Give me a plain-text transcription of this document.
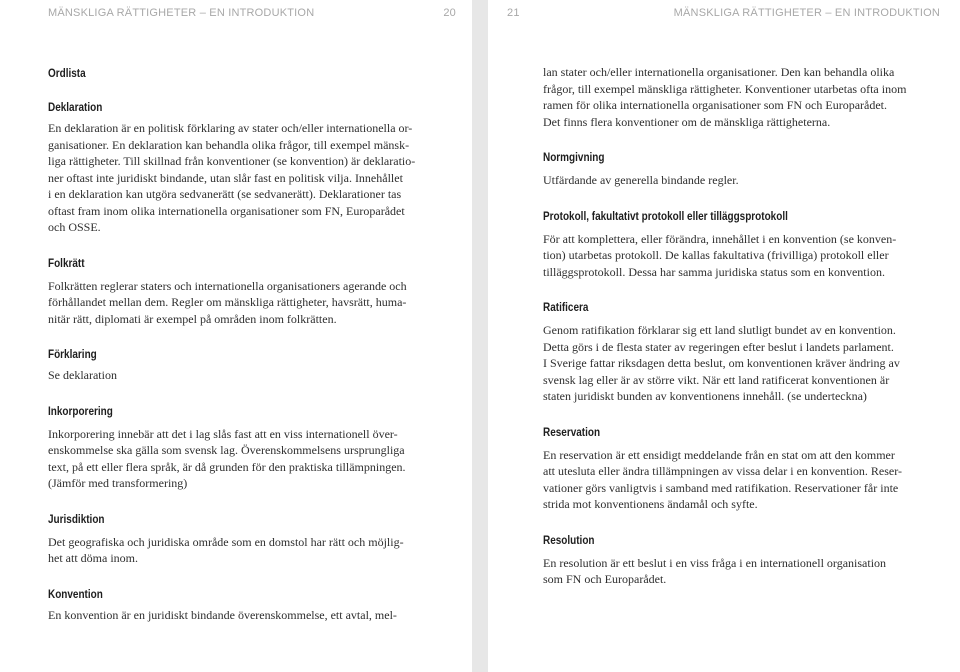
MÄNSKLIGA RÄTTIGHETER – EN INTRODUKTION	20
Ordlista
Deklaration

En deklaration är en politisk förklaring av stater och/eller internationella or-
ganisationer. En deklaration kan behandla olika frågor, till exempel mänsk-
liga rättigheter. Till skillnad från konventioner (se konvention) är deklaratio-
ner oftast inte juridiskt bindande, utan slår fast en politisk vilja. Innehållet
i en deklaration kan utgöra sedvanerätt (se sedvanerätt). Deklarationer tas
oftast fram inom olika internationella organisationer som FN, Europarådet
och OSSE.

Folkrätt

Folkrätten reglerar staters och internationella organisationers agerande och
förhållandet mellan dem. Regler om mänskliga rättigheter, havsrätt, huma-
nitär rätt, diplomati är exempel på områden inom folkrätten.

Förklaring

Se deklaration

Inkorporering

Inkorporering innebär att det i lag slås fast att en viss internationell över-
enskommelse ska gälla som svensk lag. Överenskommelsens ursprungliga
text, på ett eller flera språk, är då grunden för den praktiska tillämpningen.
(Jämför med transformering)

Jurisdiktion

Det geografiska och juridiska område som en domstol har rätt och möjlig-
het att döma inom.

Konvention

En konvention är en juridiskt bindande överenskommelse, ett avtal, mel-

21	MÄNSKLIGA RÄTTIGHETER – EN INTRODUKTION

lan stater och/eller internationella organisationer. Den kan behandla olika
frågor, till exempel mänskliga rättigheter. Konventioner utarbetas ofta inom
ramen för olika internationella organisationer som FN och Europarådet.
Det finns flera konventioner om de mänskliga rättigheterna.

Normgivning

Utfärdande av generella bindande regler.

Protokoll, fakultativt protokoll eller tilläggsprotokoll

För att komplettera, eller förändra, innehållet i en konvention (se konven-
tion) utarbetas protokoll. De kallas fakultativa (frivilliga) protokoll eller
tilläggsprotokoll. Dessa har samma juridiska status som en konvention.

Ratificera

Genom ratifikation förklarar sig ett land slutligt bundet av en konvention.
Detta görs i de flesta stater av regeringen efter beslut i landets parlament.
I Sverige fattar riksdagen detta beslut, om konventionen kräver ändring av
svensk lag eller är av större vikt. När ett land ratificerat konventionen är
staten juridiskt bunden av konventionens innehåll. (se underteckna)

Reservation

En reservation är ett ensidigt meddelande från en stat om att den kommer
att utesluta eller ändra tillämpningen av vissa delar i en konvention. Reser-
vationer görs vanligtvis i samband med ratifikation. Reservationer får inte
strida mot konventionens ändamål och syfte.

Resolution

En resolution är ett beslut i en viss fråga i en internationell organisation
som FN och Europarådet.
